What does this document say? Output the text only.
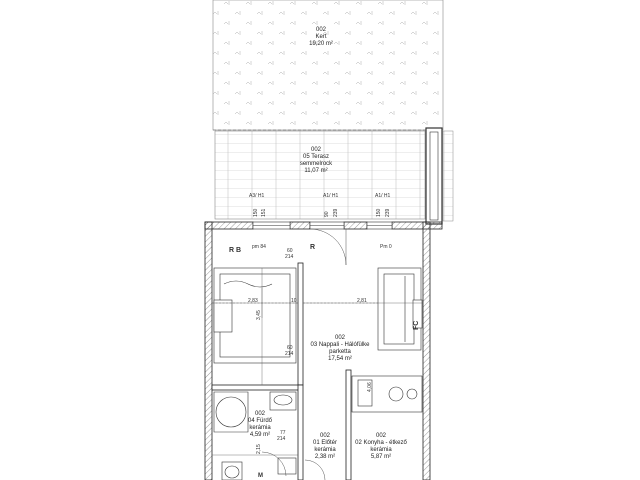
002
Kert
19,20 m²
002
05 Terasz
semmelrock
11,07 m²
002
03 Nappali - Hálófülke
parketta
17,54 m²
002
04 Fürdő
kerámia
4,59 m²	002
01 Előtér
kerámia
2,38 m²
002
02 Konyha - étkező
kerámia
5,87 m²
A3/ H1	A1/ H1	A1/ H1
150 151	90 239	150 239
R B	R
pm 84	Pm 0
FC
M
60
214
2,83	10	2,81
3,45
60
214
4,06
77
214
2,15
